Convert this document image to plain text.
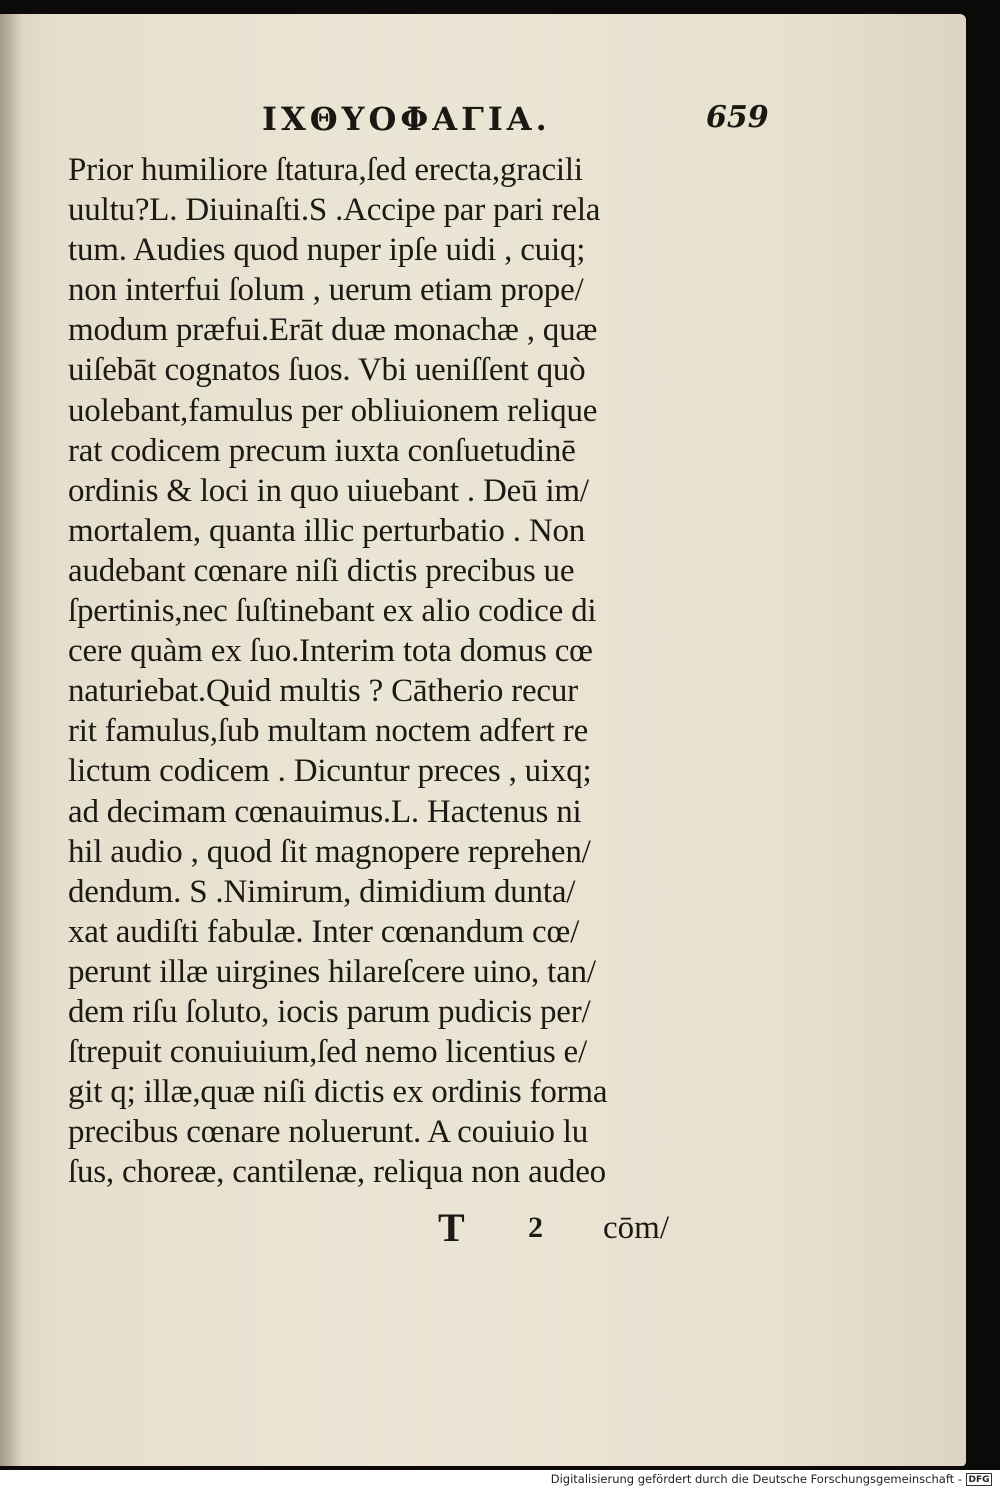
ΙΧΘΥΟΦΑΓΙΑ.	659
Prior humiliore ſtatura,ſed erecta,gracili
uultu?L. Diuinaſti.S .Accipe par pari rela
tum. Audies quod nuper ipſe uidi , cuiq;
non interfui ſolum , uerum etiam prope/
modum præfui.Erāt duæ monachæ , quæ
uiſebāt cognatos ſuos. Vbi ueniſſent quò
uolebant,famulus per obliuionem relique
rat codicem precum iuxta conſuetudinē
ordinis & loci in quo uiuebant . Deū im/
mortalem, quanta illic perturbatio . Non
audebant cœnare niſi dictis precibus ue
ſpertinis,nec ſuſtinebant ex alio codice di
cere quàm ex ſuo.Interim tota domus cœ
naturiebat.Quid multis ? Cātherio recur
rit famulus,ſub multam noctem adfert re
lictum codicem . Dicuntur preces , uixq;
ad decimam cœnauimus.L. Hactenus ni
hil audio , quod ſit magnopere reprehen/
dendum. S .Nimirum, dimidium dunta/
xat audiſti fabulæ. Inter cœnandum cœ/
perunt illæ uirgines hilareſcere uino, tan/
dem riſu ſoluto, iocis parum pudicis per/
ſtrepuit conuiuium,ſed nemo licentius e/
git q; illæ,quæ niſi dictis ex ordinis forma
precibus cœnare noluerunt. A couiuio lu
ſus, choreæ, cantilenæ, reliqua non audeo
T 2 cōm/
Digitalisierung gefördert durch die Deutsche Forschungsgemeinschaft - DFG
